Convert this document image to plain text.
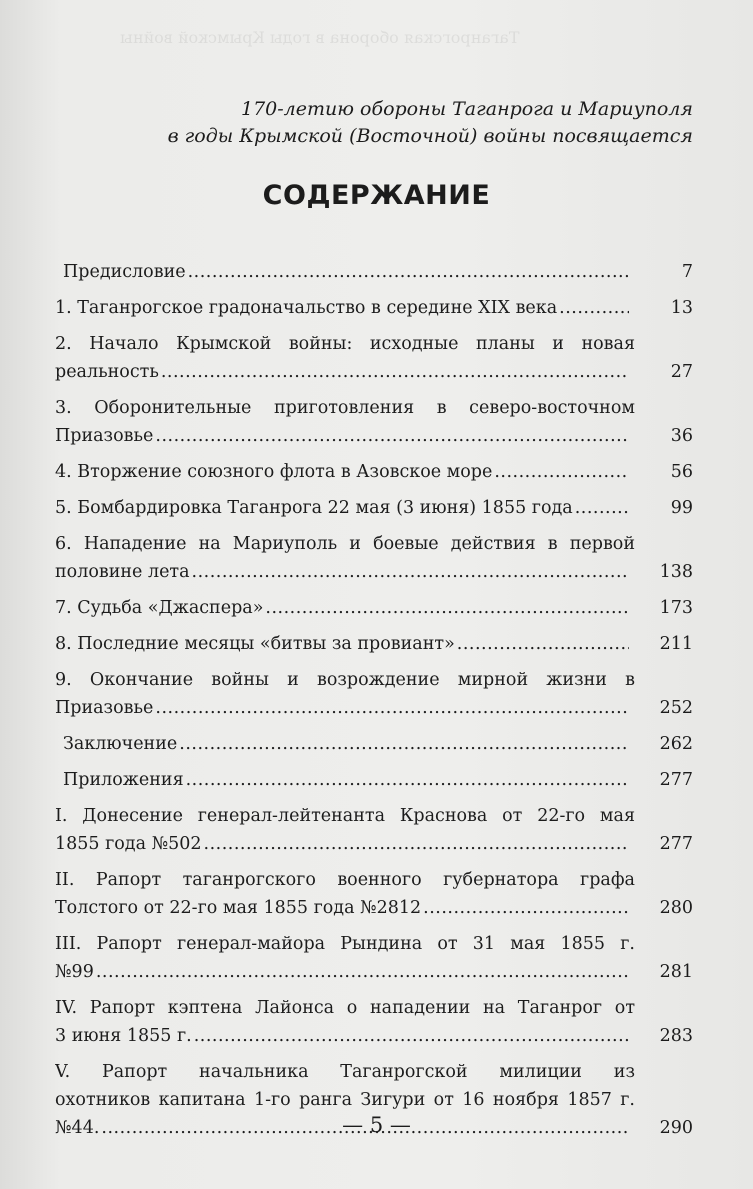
Таганрогская оборона в годы Крымской войны
170-летию обороны Таганрога и Мариуполя
в годы Крымской (Восточной) войны посвящается
СОДЕРЖАНИЕ
Предисловие .....	7
1. Таганрогское градоначальство в середине XIX века .....	13
2. Начало Крымской войны: исходные планы и новая
реальность .....	27
3. Оборонительные приготовления в северо-восточном
Приазовье .....	36
4. Вторжение союзного флота в Азовское море .....	56
5. Бомбардировка Таганрога 22 мая (3 июня) 1855 года .....	99
6. Нападение на Мариуполь и боевые действия в первой
половине лета .....	138
7. Судьба «Джаспера» .....	173
8. Последние месяцы «битвы за провиант» .....	211
9. Окончание войны и возрождение мирной жизни в
Приазовье .....	252
Заключение .....	262
Приложения .....	277
I. Донесение генерал-лейтенанта Краснова от 22-го мая
1855 года №502 .....	277
II. Рапорт таганрогского военного губернатора графа
Толстого от 22-го мая 1855 года №2812 .....	280
III. Рапорт генерал-майора Рындина от 31 мая 1855 г.
№99 .....	281
IV. Рапорт кэптена Лайонса о нападении на Таганрог от
3 июня 1855 г. .....	283
V. Рапорт начальника Таганрогской милиции из
охотников капитана 1-го ранга Зигури от 16 ноября 1857 г.
№44. .....	290
— 5 —
